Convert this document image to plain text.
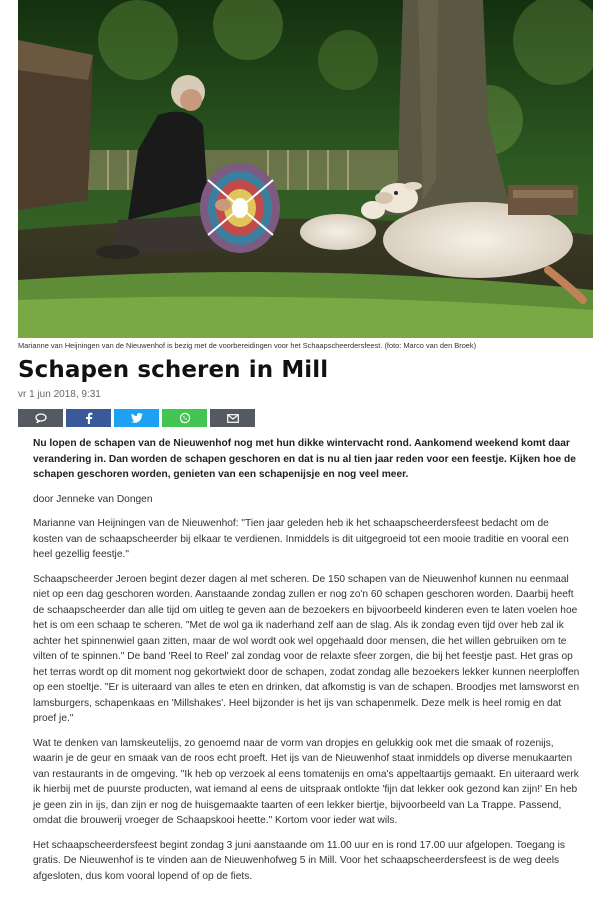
Marianne van Heijningen van de Nieuwenhof is bezig met de voorbereidingen voor het Schaapscheerdersfeest. (foto: Marco van den Broek)
Schapen scheren in Mill
vr 1 jun 2018, 9:31

Nu lopen de schapen van de Nieuwenhof nog met hun dikke wintervacht rond. Aankomend weekend komt daar verandering in. Dan worden de schapen geschoren en dat is nu al tien jaar reden voor een feestje. Kijken hoe de schapen geschoren worden, genieten van een schapenijsje en nog veel meer.

door Jenneke van Dongen

Marianne van Heijningen van de Nieuwenhof: "Tien jaar geleden heb ik het schaapscheerdersfeest bedacht om de kosten van de schaapscheerder bij elkaar te verdienen. Inmiddels is dit uitgegroeid tot een mooie traditie en vooral een heel gezellig feestje."

Schaapscheerder Jeroen begint dezer dagen al met scheren. De 150 schapen van de Nieuwenhof kunnen nu eenmaal niet op een dag geschoren worden. Aanstaande zondag zullen er nog zo'n 60 schapen geschoren worden. Daarbij heeft de schaapscheerder dan alle tijd om uitleg te geven aan de bezoekers en bijvoorbeeld kinderen even te laten voelen hoe het is om een schaap te scheren. "Met de wol ga ik naderhand zelf aan de slag. Als ik zondag even tijd over heb zal ik achter het spinnenwiel gaan zitten, maar de wol wordt ook wel opgehaald door mensen, die het willen gebruiken om te vilten of te spinnen." De band 'Reel to Reel' zal zondag voor de relaxte sfeer zorgen, die bij het feestje past. Het gras op het terras wordt op dit moment nog gekortwiekt door de schapen, zodat zondag alle bezoekers lekker kunnen neerploffen op een stoeltje. "Er is uiteraard van alles te eten en drinken, dat afkomstig is van de schapen. Broodjes met lamsworst en lamsburgers, schapenkaas en 'Millshakes'. Heel bijzonder is het ijs van schapenmelk. Deze melk is heel romig en dat proef je."

Wat te denken van lamskeutelijs, zo genoemd naar de vorm van dropjes en gelukkig ook met die smaak of rozenijs, waarin je de geur en smaak van de roos echt proeft. Het ijs van de Nieuwenhof staat inmiddels op diverse menukaarten van restaurants in de omgeving. "Ik heb op verzoek al eens tomatenijs en oma's appeltaartijs gemaakt. En uiteraard werk ik hierbij met de puurste producten, wat iemand al eens de uitspraak ontlokte 'fijn dat lekker ook gezond kan zijn!' En heb je geen zin in ijs, dan zijn er nog de huisgemaakte taarten of een lekker biertje, bijvoorbeeld van La Trappe. Passend, omdat die brouwerij vroeger de Schaapskooi heette." Kortom voor ieder wat wils.

Het schaapscheerdersfeest begint zondag 3 juni aanstaande om 11.00 uur en is rond 17.00 uur afgelopen. Toegang is gratis. De Nieuwenhof is te vinden aan de Nieuwenhofweg 5 in Mill. Voor het schaapscheerdersfeest is de weg deels afgesloten, dus kom vooral lopend of op de fiets.
